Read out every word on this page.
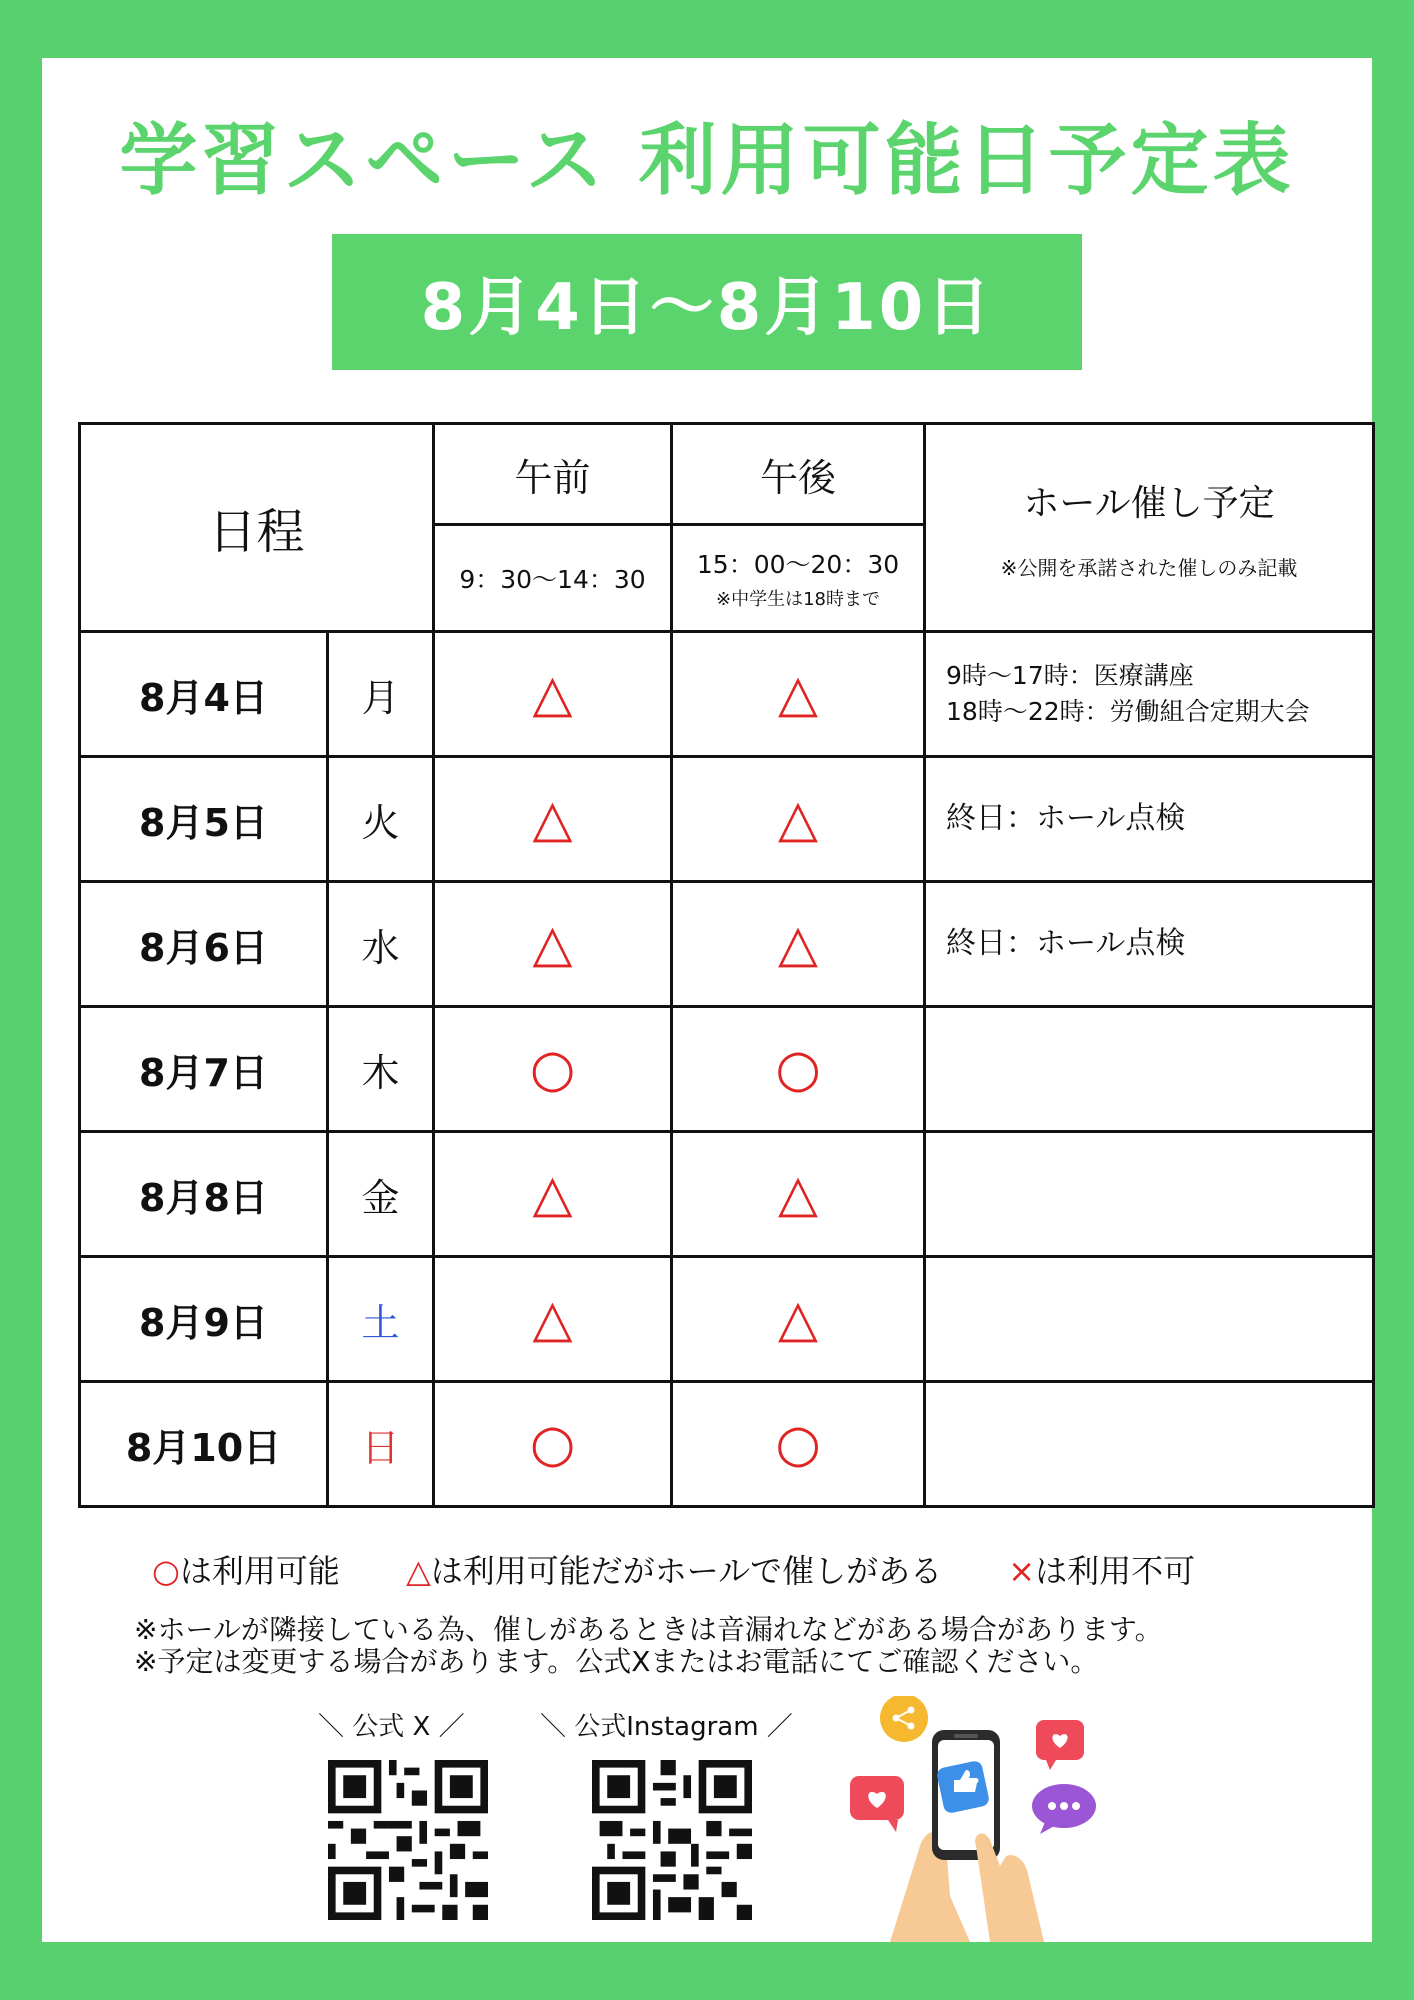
学習スペース 利用可能日予定表
8月4日〜8月10日
日程		午前	午後	ホール催し予定
※公開を承諾された催しのみ記載

		9：30〜14：30	15：00〜20：30
※中学生は18時まで	

8月4日	月	△	△	9時〜17時：医療講座
18時〜22時：労働組合定期大会

8月5日	火	△	△	終日：ホール点検
8月6日	水	△	△	終日：ホール点検
8月7日	木	○	○	
8月8日	金	△	△	
8月9日	土	△	△	
8月10日	日	○	○	
○は利用可能 △は利用可能だがホールで催しがある ×は利用不可
※ホールが隣接している為、催しがあるときは音漏れなどがある場合があります。
※予定は変更する場合があります。公式Xまたはお電話にてご確認ください。
＼ 公式 X ／	＼ 公式Instagram ／
